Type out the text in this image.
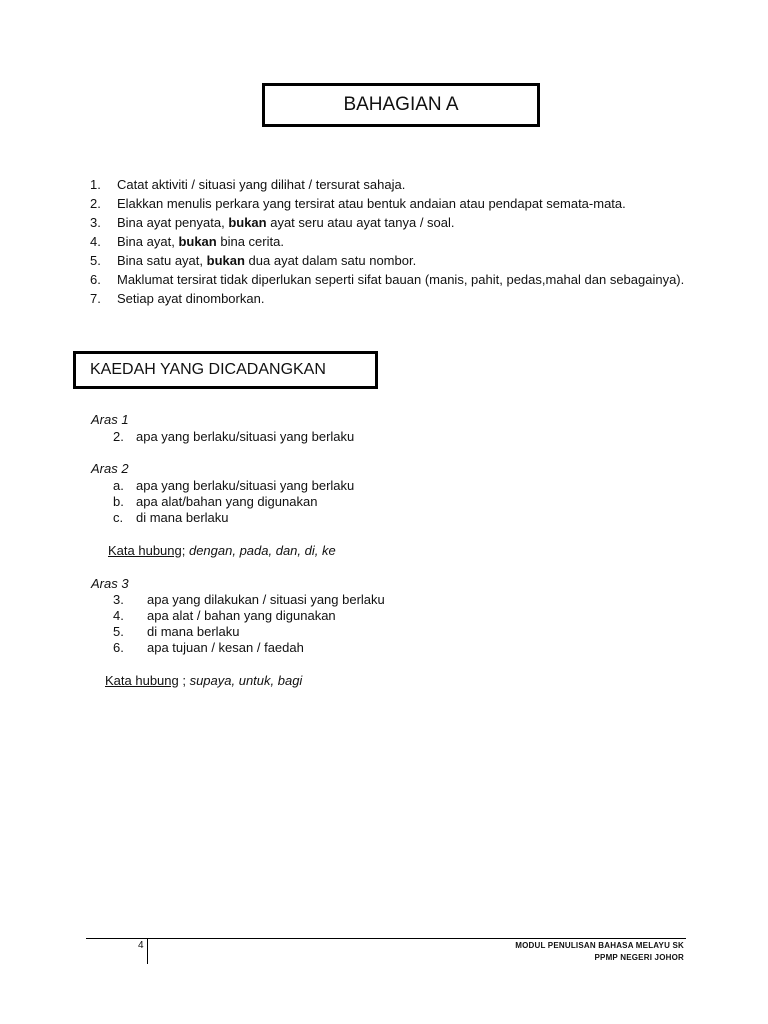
BAHAGIAN A
1.	Catat aktiviti / situasi yang dilihat / tersurat sahaja.
2.	Elakkan menulis perkara yang tersirat atau bentuk andaian atau pendapat semata-mata.
3.	Bina ayat penyata, bukan ayat seru atau ayat tanya / soal.
4.	Bina ayat, bukan bina cerita.
5.	Bina satu ayat, bukan dua ayat dalam satu nombor.
6.	Maklumat tersirat tidak diperlukan seperti sifat bauan (manis, pahit, pedas,mahal dan sebagainya).
7.	Setiap ayat dinomborkan.
KAEDAH YANG DICADANGKAN
Aras 1
2. apa yang berlaku/situasi yang berlaku
Aras 2
a. apa yang berlaku/situasi yang berlaku
b. apa alat/bahan yang digunakan
c. di mana berlaku
Kata hubung; dengan, pada, dan, di, ke
Aras 3
3.	apa yang dilakukan / situasi yang berlaku
4.	apa alat / bahan yang digunakan
5.	di mana berlaku
6.	apa tujuan / kesan / faedah
Kata hubung ; supaya, untuk, bagi
4	MODUL PENULISAN BAHASA MELAYU SK
PPMP NEGERI JOHOR
